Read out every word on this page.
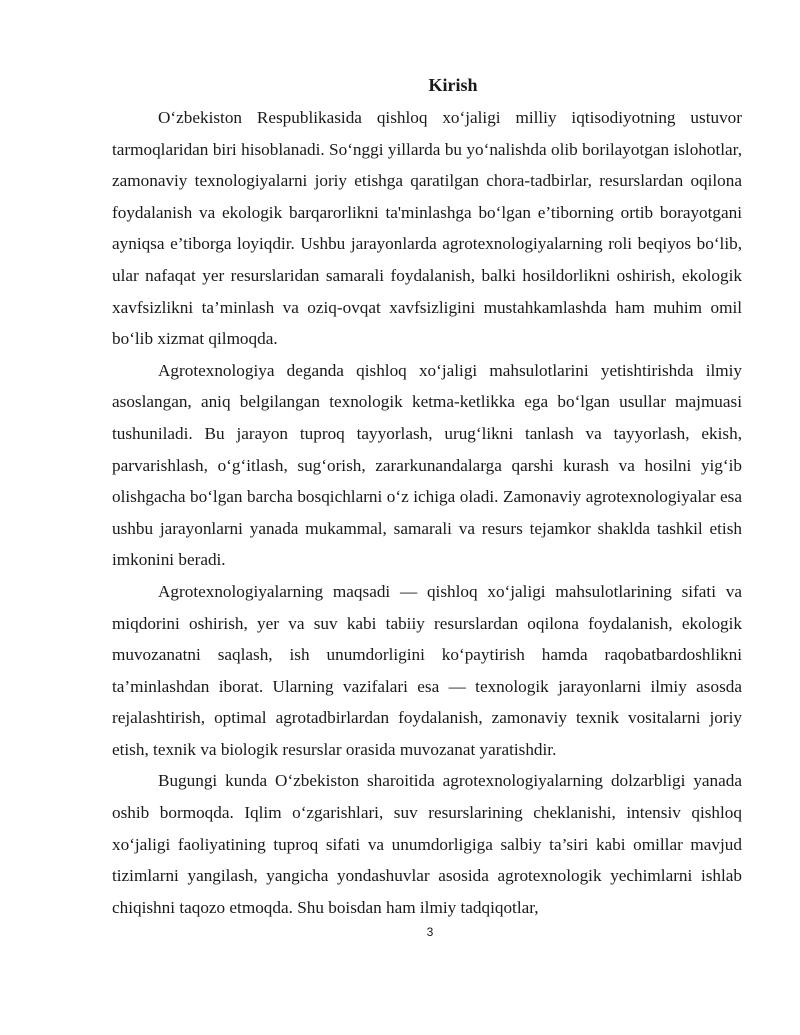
Kirish

O‘zbekiston Respublikasida qishloq xo‘jaligi milliy iqtisodiyotning ustuvor tarmoqlaridan biri hisoblanadi. So‘nggi yillarda bu yo‘nalishda olib borilayotgan islohotlar, zamonaviy texnologiyalarni joriy etishga qaratilgan chora-tadbirlar, resurslardan oqilona foydalanish va ekologik barqarorlikni ta'minlashga bo‘lgan e’tiborning ortib borayotgani ayniqsa e’tiborga loyiqdir. Ushbu jarayonlarda agrotexnologiyalarning roli beqiyos bo‘lib, ular nafaqat yer resurslaridan samarali foydalanish, balki hosildorlikni oshirish, ekologik xavfsizlikni ta’minlash va oziq-ovqat xavfsizligini mustahkamlashda ham muhim omil bo‘lib xizmat qilmoqda.

Agrotexnologiya deganda qishloq xo‘jaligi mahsulotlarini yetishtirishda ilmiy asoslangan, aniq belgilangan texnologik ketma-ketlikka ega bo‘lgan usullar majmuasi tushuniladi. Bu jarayon tuproq tayyorlash, urug‘likni tanlash va tayyorlash, ekish, parvarishlash, o‘g‘itlash, sug‘orish, zararkunandalarga qarshi kurash va hosilni yig‘ib olishgacha bo‘lgan barcha bosqichlarni o‘z ichiga oladi. Zamonaviy agrotexnologiyalar esa ushbu jarayonlarni yanada mukammal, samarali va resurs tejamkor shaklda tashkil etish imkonini beradi.

Agrotexnologiyalarning maqsadi — qishloq xo‘jaligi mahsulotlarining sifati va miqdorini oshirish, yer va suv kabi tabiiy resurslardan oqilona foydalanish, ekologik muvozanatni saqlash, ish unumdorligini ko‘paytirish hamda raqobatbardoshlikni ta’minlashdan iborat. Ularning vazifalari esa — texnologik jarayonlarni ilmiy asosda rejalashtirish, optimal agrotadbirlardan foydalanish, zamonaviy texnik vositalarni joriy etish, texnik va biologik resurslar orasida muvozanat yaratishdir.

Bugungi kunda O‘zbekiston sharoitida agrotexnologiyalarning dolzarbligi yanada oshib bormoqda. Iqlim o‘zgarishlari, suv resurslarining cheklanishi, intensiv qishloq xo‘jaligi faoliyatining tuproq sifati va unumdorligiga salbiy ta’siri kabi omillar mavjud tizimlarni yangilash, yangicha yondashuvlar asosida agrotexnologik yechimlarni ishlab chiqishni taqozo etmoqda. Shu boisdan ham ilmiy tadqiqotlar,

3
